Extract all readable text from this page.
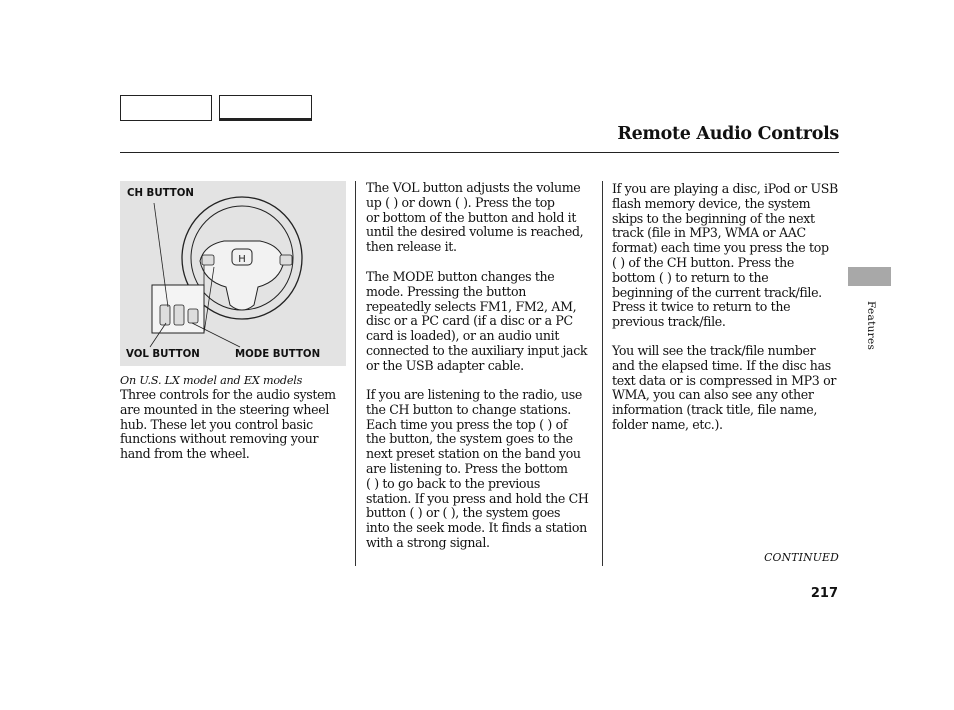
Remote Audio Controls
H
CH BUTTON
VOL BUTTON	MODE BUTTON
On U.S. LX model and EX models
Three controls for the audio system
are mounted in the steering wheel
hub. These let you control basic
functions without removing your
hand from the wheel.
The VOL button adjusts the volume
up ( ) or down ( ). Press the top
or bottom of the button and hold it
until the desired volume is reached,
then release it.
The MODE button changes the
mode. Pressing the button
repeatedly selects FM1, FM2, AM,
disc or a PC card (if a disc or a PC
card is loaded), or an audio unit
connected to the auxiliary input jack
or the USB adapter cable.
If you are listening to the radio, use
the CH button to change stations.
Each time you press the top ( ) of
the button, the system goes to the
next preset station on the band you
are listening to. Press the bottom
( ) to go back to the previous
station. If you press and hold the CH
button ( ) or ( ), the system goes
into the seek mode. It finds a station
with a strong signal.
If you are playing a disc, iPod or USB
flash memory device, the system
skips to the beginning of the next
track (file in MP3, WMA or AAC
format) each time you press the top
( ) of the CH button. Press the
bottom ( ) to return to the
beginning of the current track/file.
Press it twice to return to the
previous track/file.
You will see the track/file number
and the elapsed time. If the disc has
text data or is compressed in MP3 or
WMA, you can also see any other
information (track title, file name,
folder name, etc.).
CONTINUED
217
Features
